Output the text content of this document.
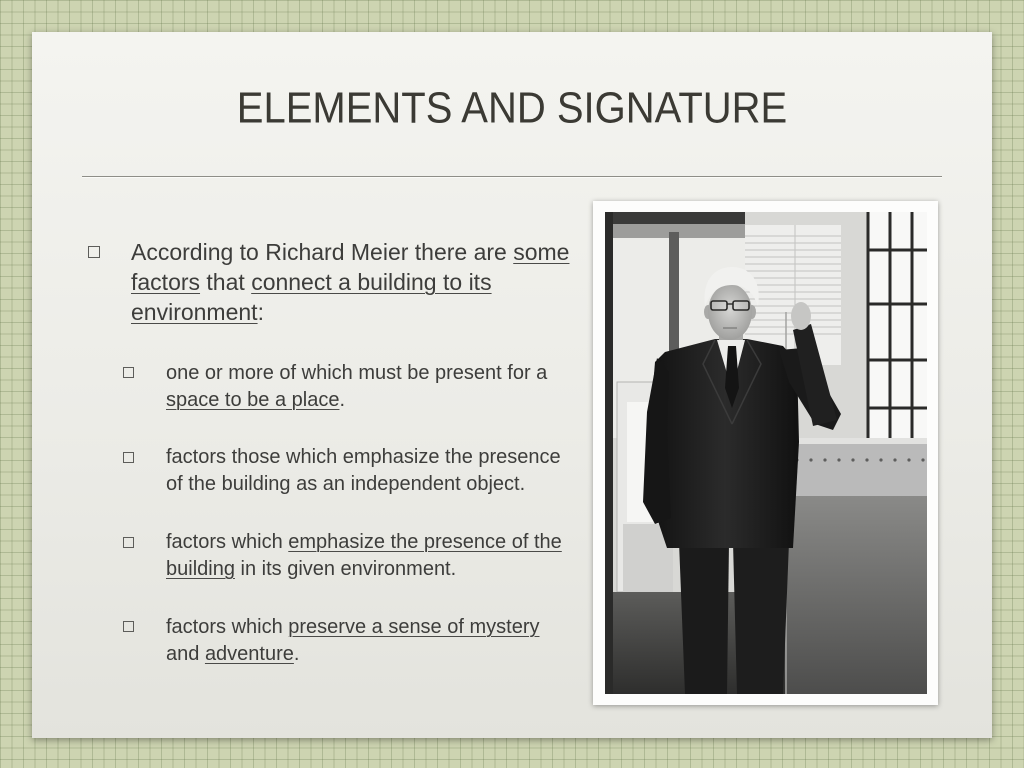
ELEMENTS AND SIGNATURE
According to Richard Meier there are some
factors that connect a building to its
environment:
one or more of which must be present for a
space to be a place.
factors those which emphasize the presence
of the building as an independent object.
factors which emphasize the presence of the
building in its given environment.
factors which preserve a sense of mystery
and adventure.
